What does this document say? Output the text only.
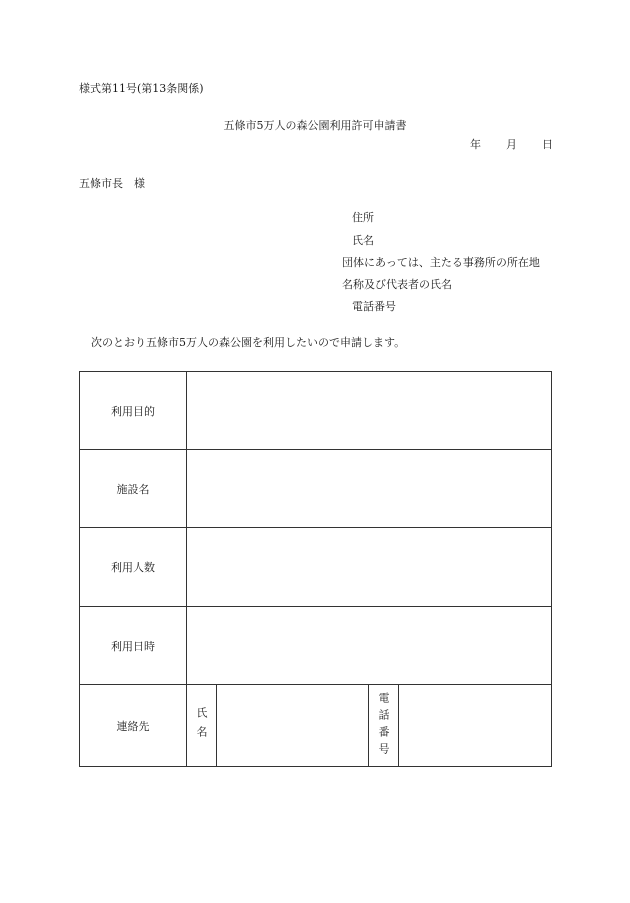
様式第11号(第13条関係)
五條市5万人の森公園利用許可申請書
年 月 日
五條市長　様
住所
氏名
団体にあっては、主たる事務所の所在地
名称及び代表者の氏名
電話番号
次のとおり五條市5万人の森公園を利用したいので申請します。
利用目的				
施設名				
利用人数				
利用日時				
連絡先	氏名		電話番号	
